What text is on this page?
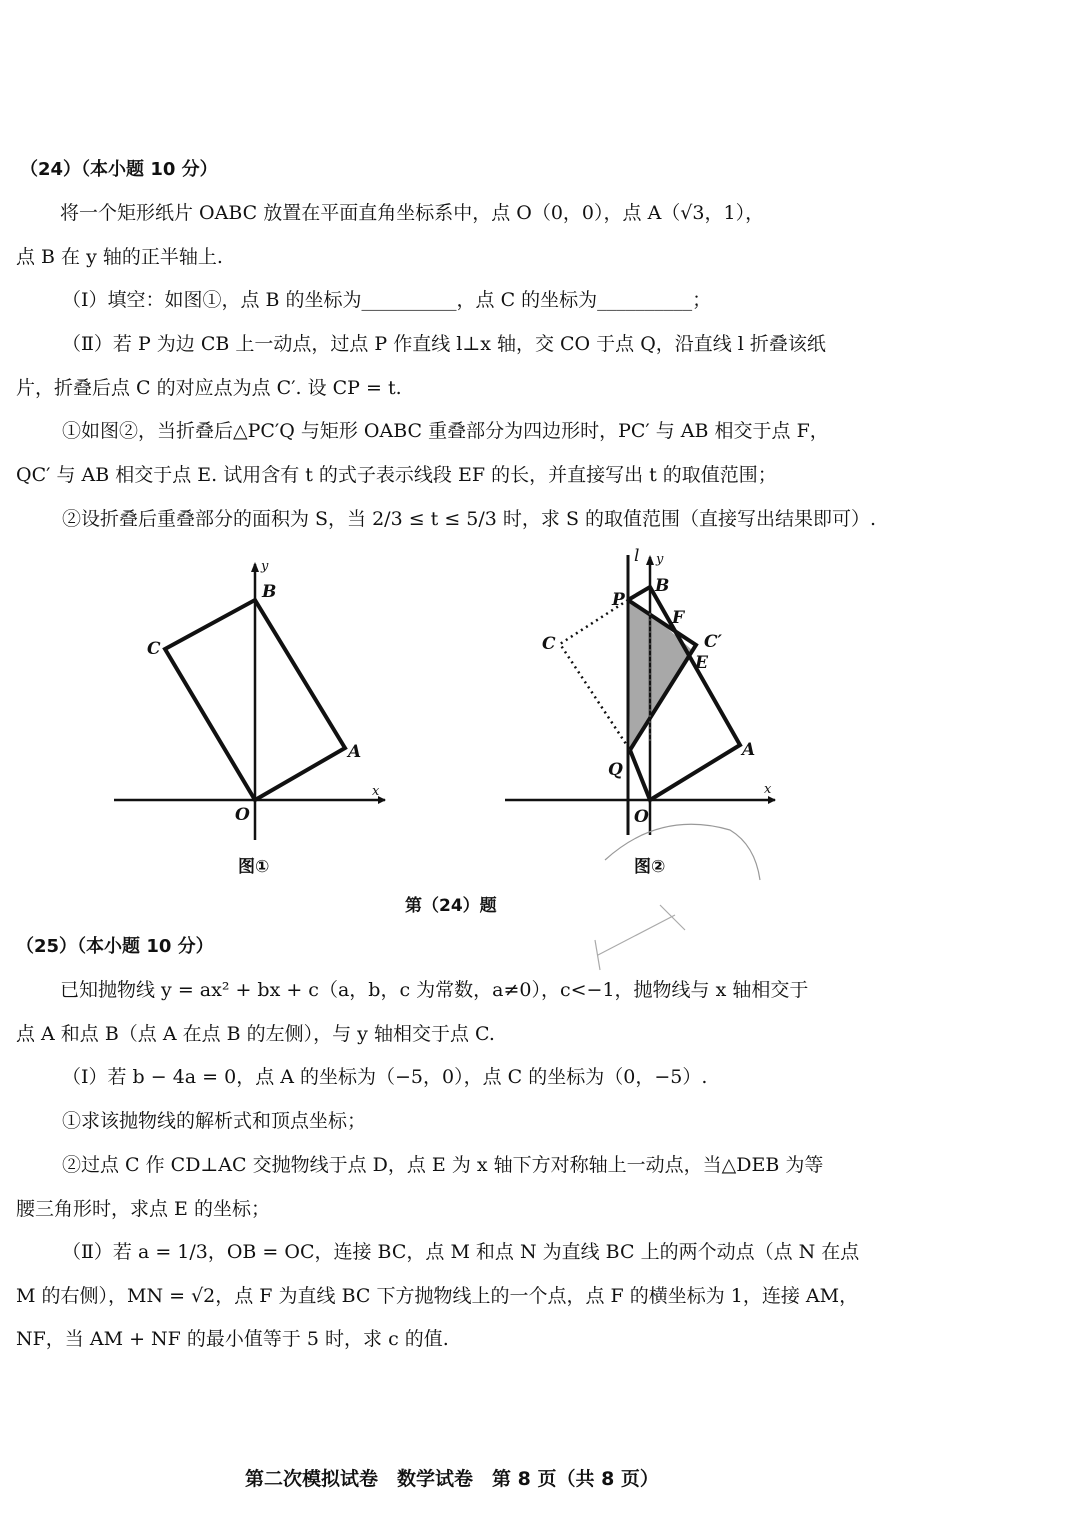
（24）（本小题 10 分）
将一个矩形纸片 OABC 放置在平面直角坐标系中，点 O（0，0），点 A（√3，1），
点 B 在 y 轴的正半轴上.
（Ⅰ）填空：如图①，点 B 的坐标为__________，点 C 的坐标为__________；
（Ⅱ）若 P 为边 CB 上一动点，过点 P 作直线 l⊥x 轴，交 CO 于点 Q，沿直线 l 折叠该纸
片，折叠后点 C 的对应点为点 C′. 设 CP = t.
①如图②，当折叠后△PC′Q 与矩形 OABC 重叠部分为四边形时，PC′ 与 AB 相交于点 F，
QC′ 与 AB 相交于点 E. 试用含有 t 的式子表示线段 EF 的长，并直接写出 t 的取值范围；
②设折叠后重叠部分的面积为 S，当 2/3 ≤ t ≤ 5/3 时，求 S 的取值范围（直接写出结果即可）.
B
C
A
O
x
y
图①
P
B
F
C′
E
C
A
Q
O
l y
x
图②
第（24）题
（25）（本小题 10 分）
已知抛物线 y = ax² + bx + c（a，b，c 为常数，a≠0），c<−1，抛物线与 x 轴相交于
点 A 和点 B（点 A 在点 B 的左侧），与 y 轴相交于点 C.
（Ⅰ）若 b − 4a = 0，点 A 的坐标为（−5，0），点 C 的坐标为（0，−5）.
①求该抛物线的解析式和顶点坐标；
②过点 C 作 CD⊥AC 交抛物线于点 D，点 E 为 x 轴下方对称轴上一动点，当△DEB 为等
腰三角形时，求点 E 的坐标；
（Ⅱ）若 a = 1/3，OB = OC，连接 BC，点 M 和点 N 为直线 BC 上的两个动点（点 N 在点
M 的右侧），MN = √2，点 F 为直线 BC 下方抛物线上的一个点，点 F 的横坐标为 1，连接 AM，
NF，当 AM + NF 的最小值等于 5 时，求 c 的值.
第二次模拟试卷　数学试卷　第 8 页（共 8 页）
